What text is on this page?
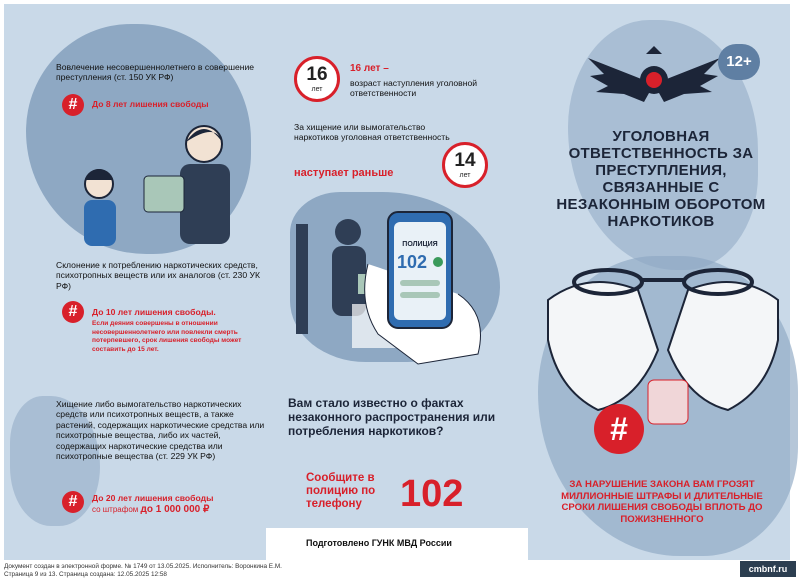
Вовлечение несовершеннолетнего в совершение преступления (ст. 150 УК РФ)
#	До 8 лет лишения свободы
Склонение к потреблению наркотических средств, психотропных веществ или их аналогов (ст. 230 УК РФ)
#	До 10 лет лишения свободы.
Если деяния совершены в отношении несовершеннолетнего или повлекли смерть потерпевшего, срок лишения свободы может составить до 15 лет.
Хищение либо вымогательство наркотических средств или психотропных веществ, а также растений, содержащих наркотические средства или психотропные вещества, либо их частей, содержащих наркотические средства или психотропные вещества (ст. 229 УК РФ)
#	До 20 лет лишения свободы
со штрафом до 1 000 000 ₽
16
лет
16 лет –
возраст наступления уголовной ответственности
За хищение или вымогательство наркотиков уголовная ответственность
наступает раньше
14
лет
ПОЛИЦИЯ
102
Вам стало известно о фактах незаконного распространения или потребления наркотиков?
Сообщите в полицию по телефону	102
Подготовлено ГУНК МВД России
#
12+
УГОЛОВНАЯ ОТВЕТСТВЕННОСТЬ ЗА ПРЕСТУПЛЕНИЯ, СВЯЗАННЫЕ С НЕЗАКОННЫМ ОБОРОТОМ НАРКОТИКОВ
ЗА НАРУШЕНИЕ ЗАКОНА ВАМ ГРОЗЯТ МИЛЛИОННЫЕ ШТРАФЫ И ДЛИТЕЛЬНЫЕ СРОКИ ЛИШЕНИЯ СВОБОДЫ ВПЛОТЬ ДО ПОЖИЗНЕННОГО
Документ создан в электронной форме. № 1749 от 13.05.2025. Исполнитель: Воронкина Е.М.
Страница 9 из 13. Страница создана: 12.05.2025 12:58	cmbnf.ru
